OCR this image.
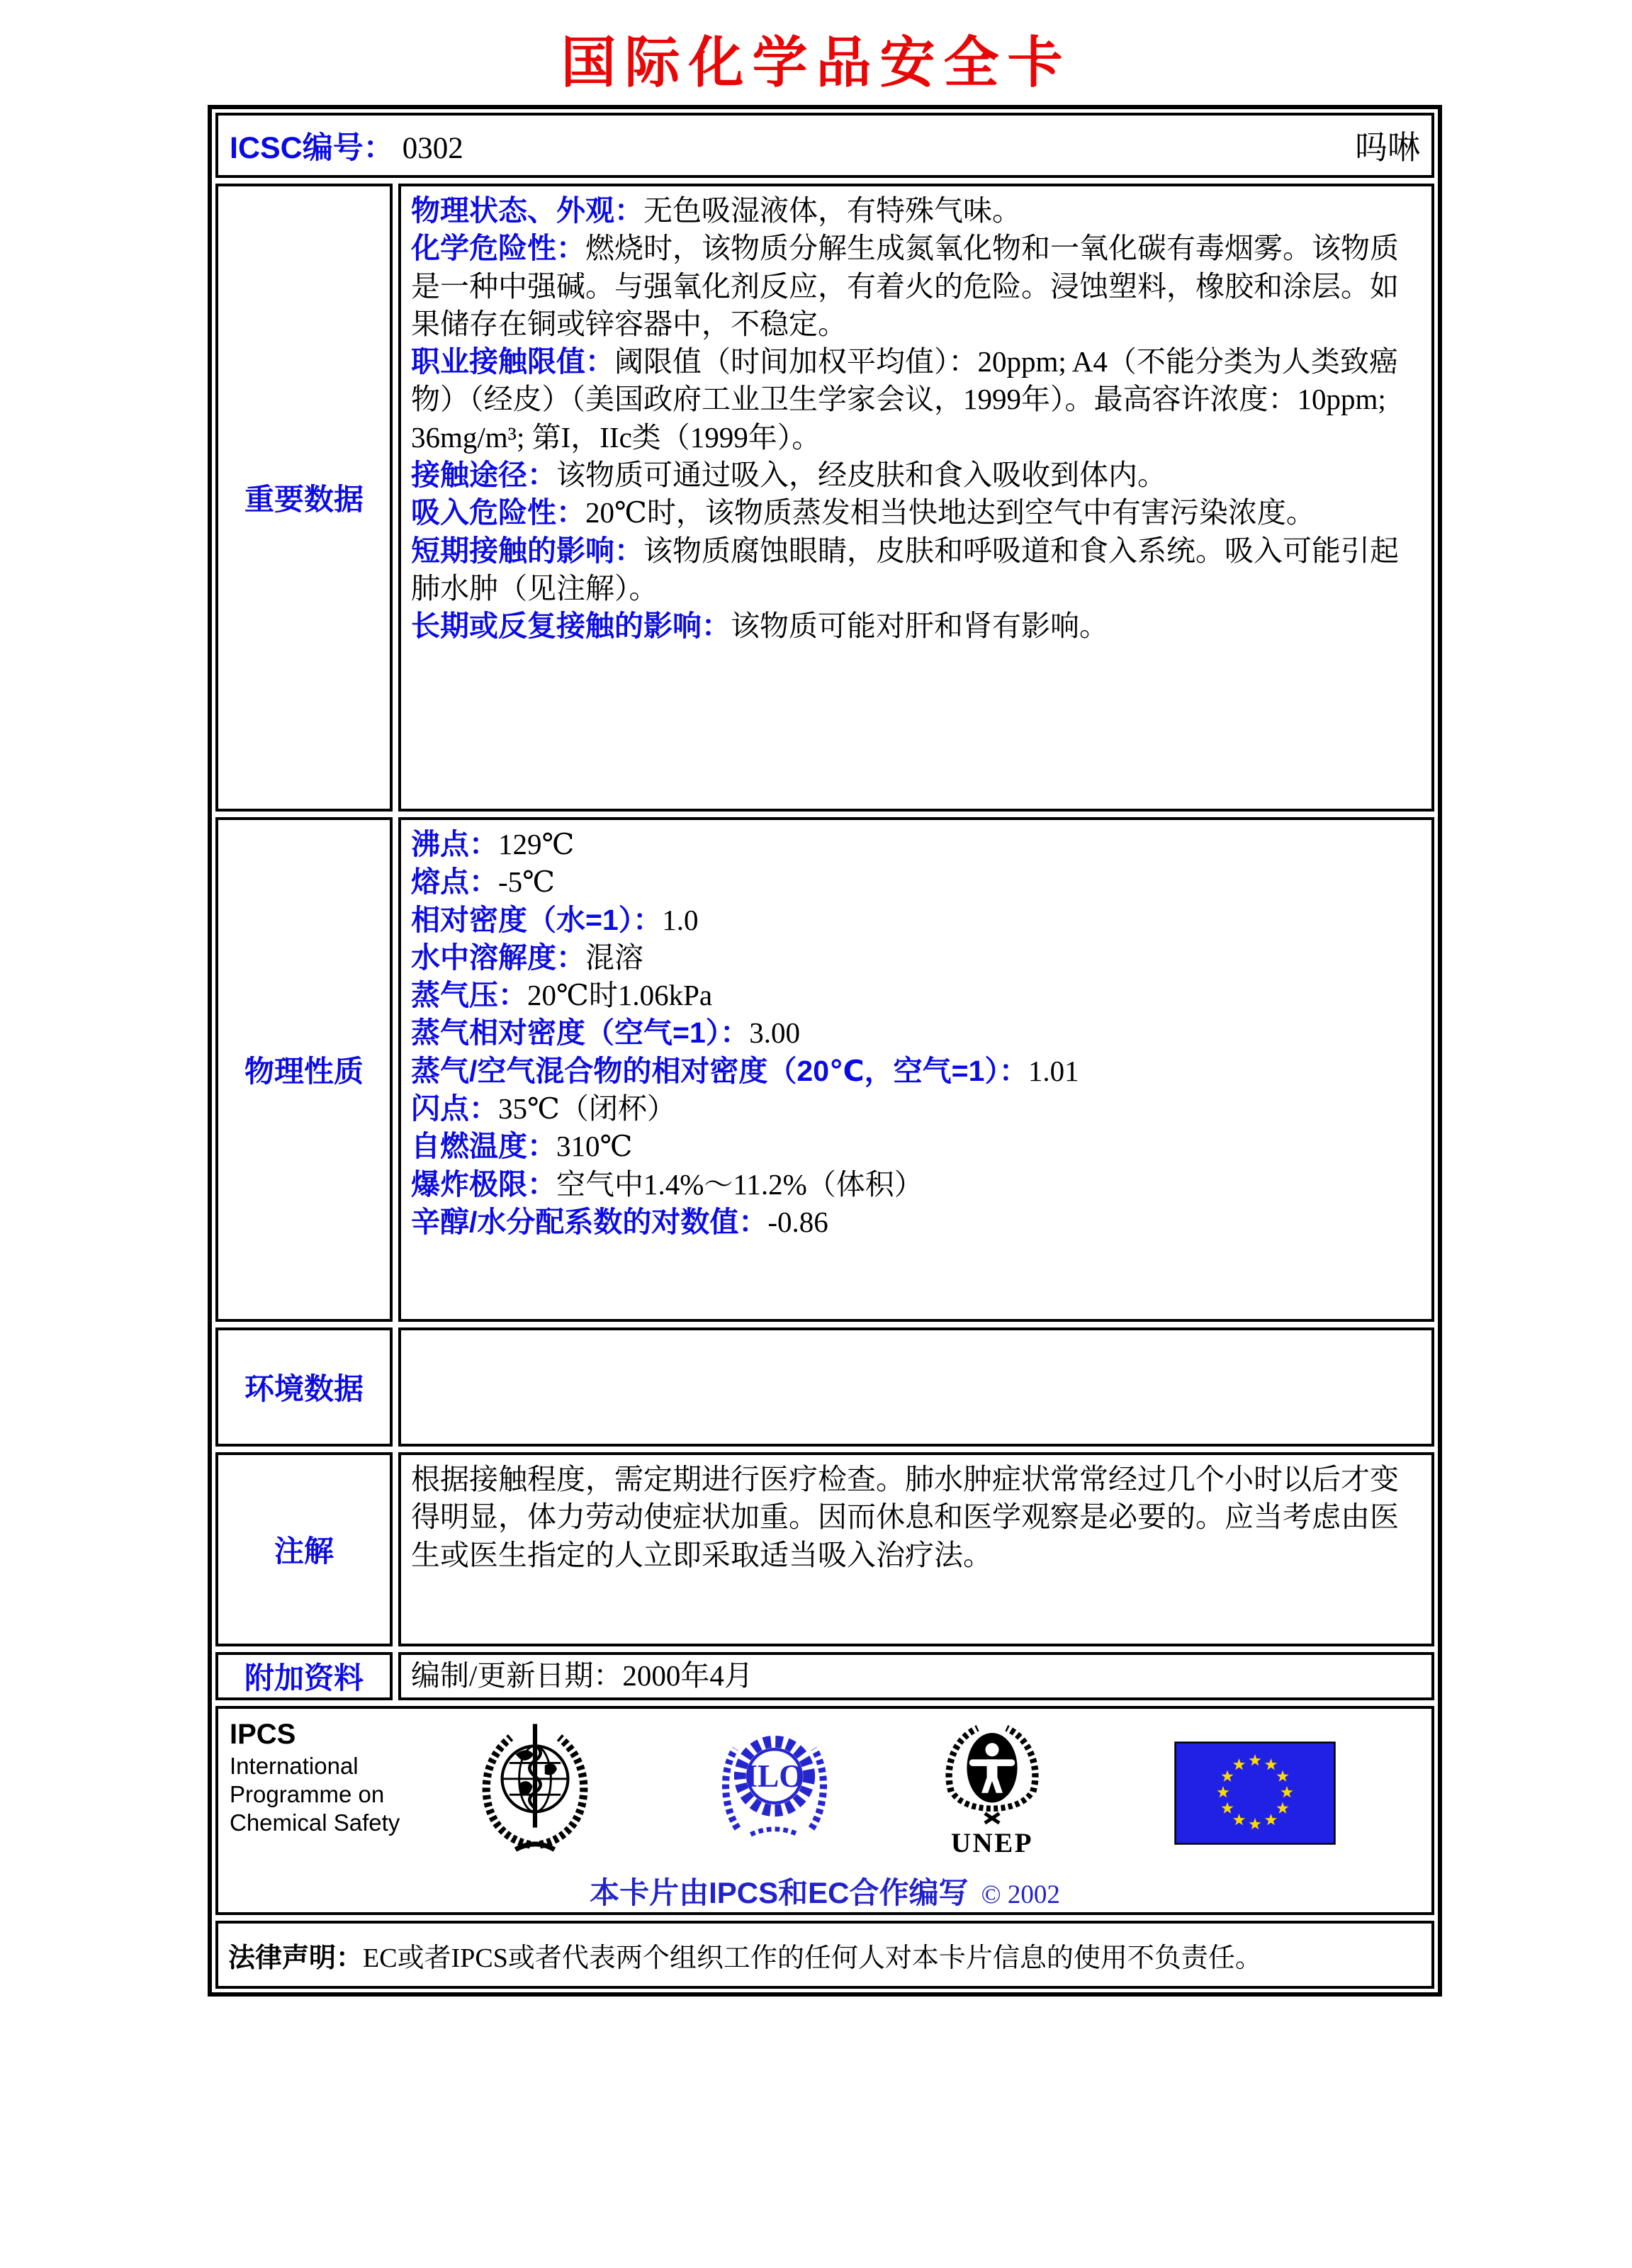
国际化学品安全卡
ICSC编号： 0302	吗啉
重要数据
物理状态、外观：无色吸湿液体，有特殊气味。
化学危险性：燃烧时，该物质分解生成氮氧化物和一氧化碳有毒烟雾。该物质是一种中强碱。与强氧化剂反应，有着火的危险。浸蚀塑料，橡胶和涂层。如果储存在铜或锌容器中，不稳定。
职业接触限值：阈限值（时间加权平均值）：20ppm; A4（不能分类为人类致癌物）（经皮）（美国政府工业卫生学家会议，1999年）。最高容许浓度：10ppm; 36mg/m³; 第I，IIc类（1999年）。
接触途径：该物质可通过吸入，经皮肤和食入吸收到体内。
吸入危险性：20℃时，该物质蒸发相当快地达到空气中有害污染浓度。
短期接触的影响：该物质腐蚀眼睛，皮肤和呼吸道和食入系统。吸入可能引起肺水肿（见注解）。
长期或反复接触的影响：该物质可能对肝和肾有影响。
物理性质
沸点：129℃
熔点：-5℃
相对密度（水=1）：1.0
水中溶解度：混溶
蒸气压：20℃时1.06kPa
蒸气相对密度（空气=1）：3.00
蒸气/空气混合物的相对密度（20℃，空气=1）：1.01
闪点：35℃（闭杯）
自燃温度：310℃
爆炸极限：空气中1.4%～11.2%（体积）
辛醇/水分配系数的对数值：-0.86
环境数据
注解
根据接触程度，需定期进行医疗检查。肺水肿症状常常经过几个小时以后才变得明显，体力劳动使症状加重。因而休息和医学观察是必要的。应当考虑由医生或医生指定的人立即采取适当吸入治疗法。
附加资料	编制/更新日期：2000年4月
IPCS
International
Programme on
Chemical Safety
ILO
UNEP
本卡片由IPCS和EC合作编写 © 2002
法律声明： EC或者IPCS或者代表两个组织工作的任何人对本卡片信息的使用不负责任。
